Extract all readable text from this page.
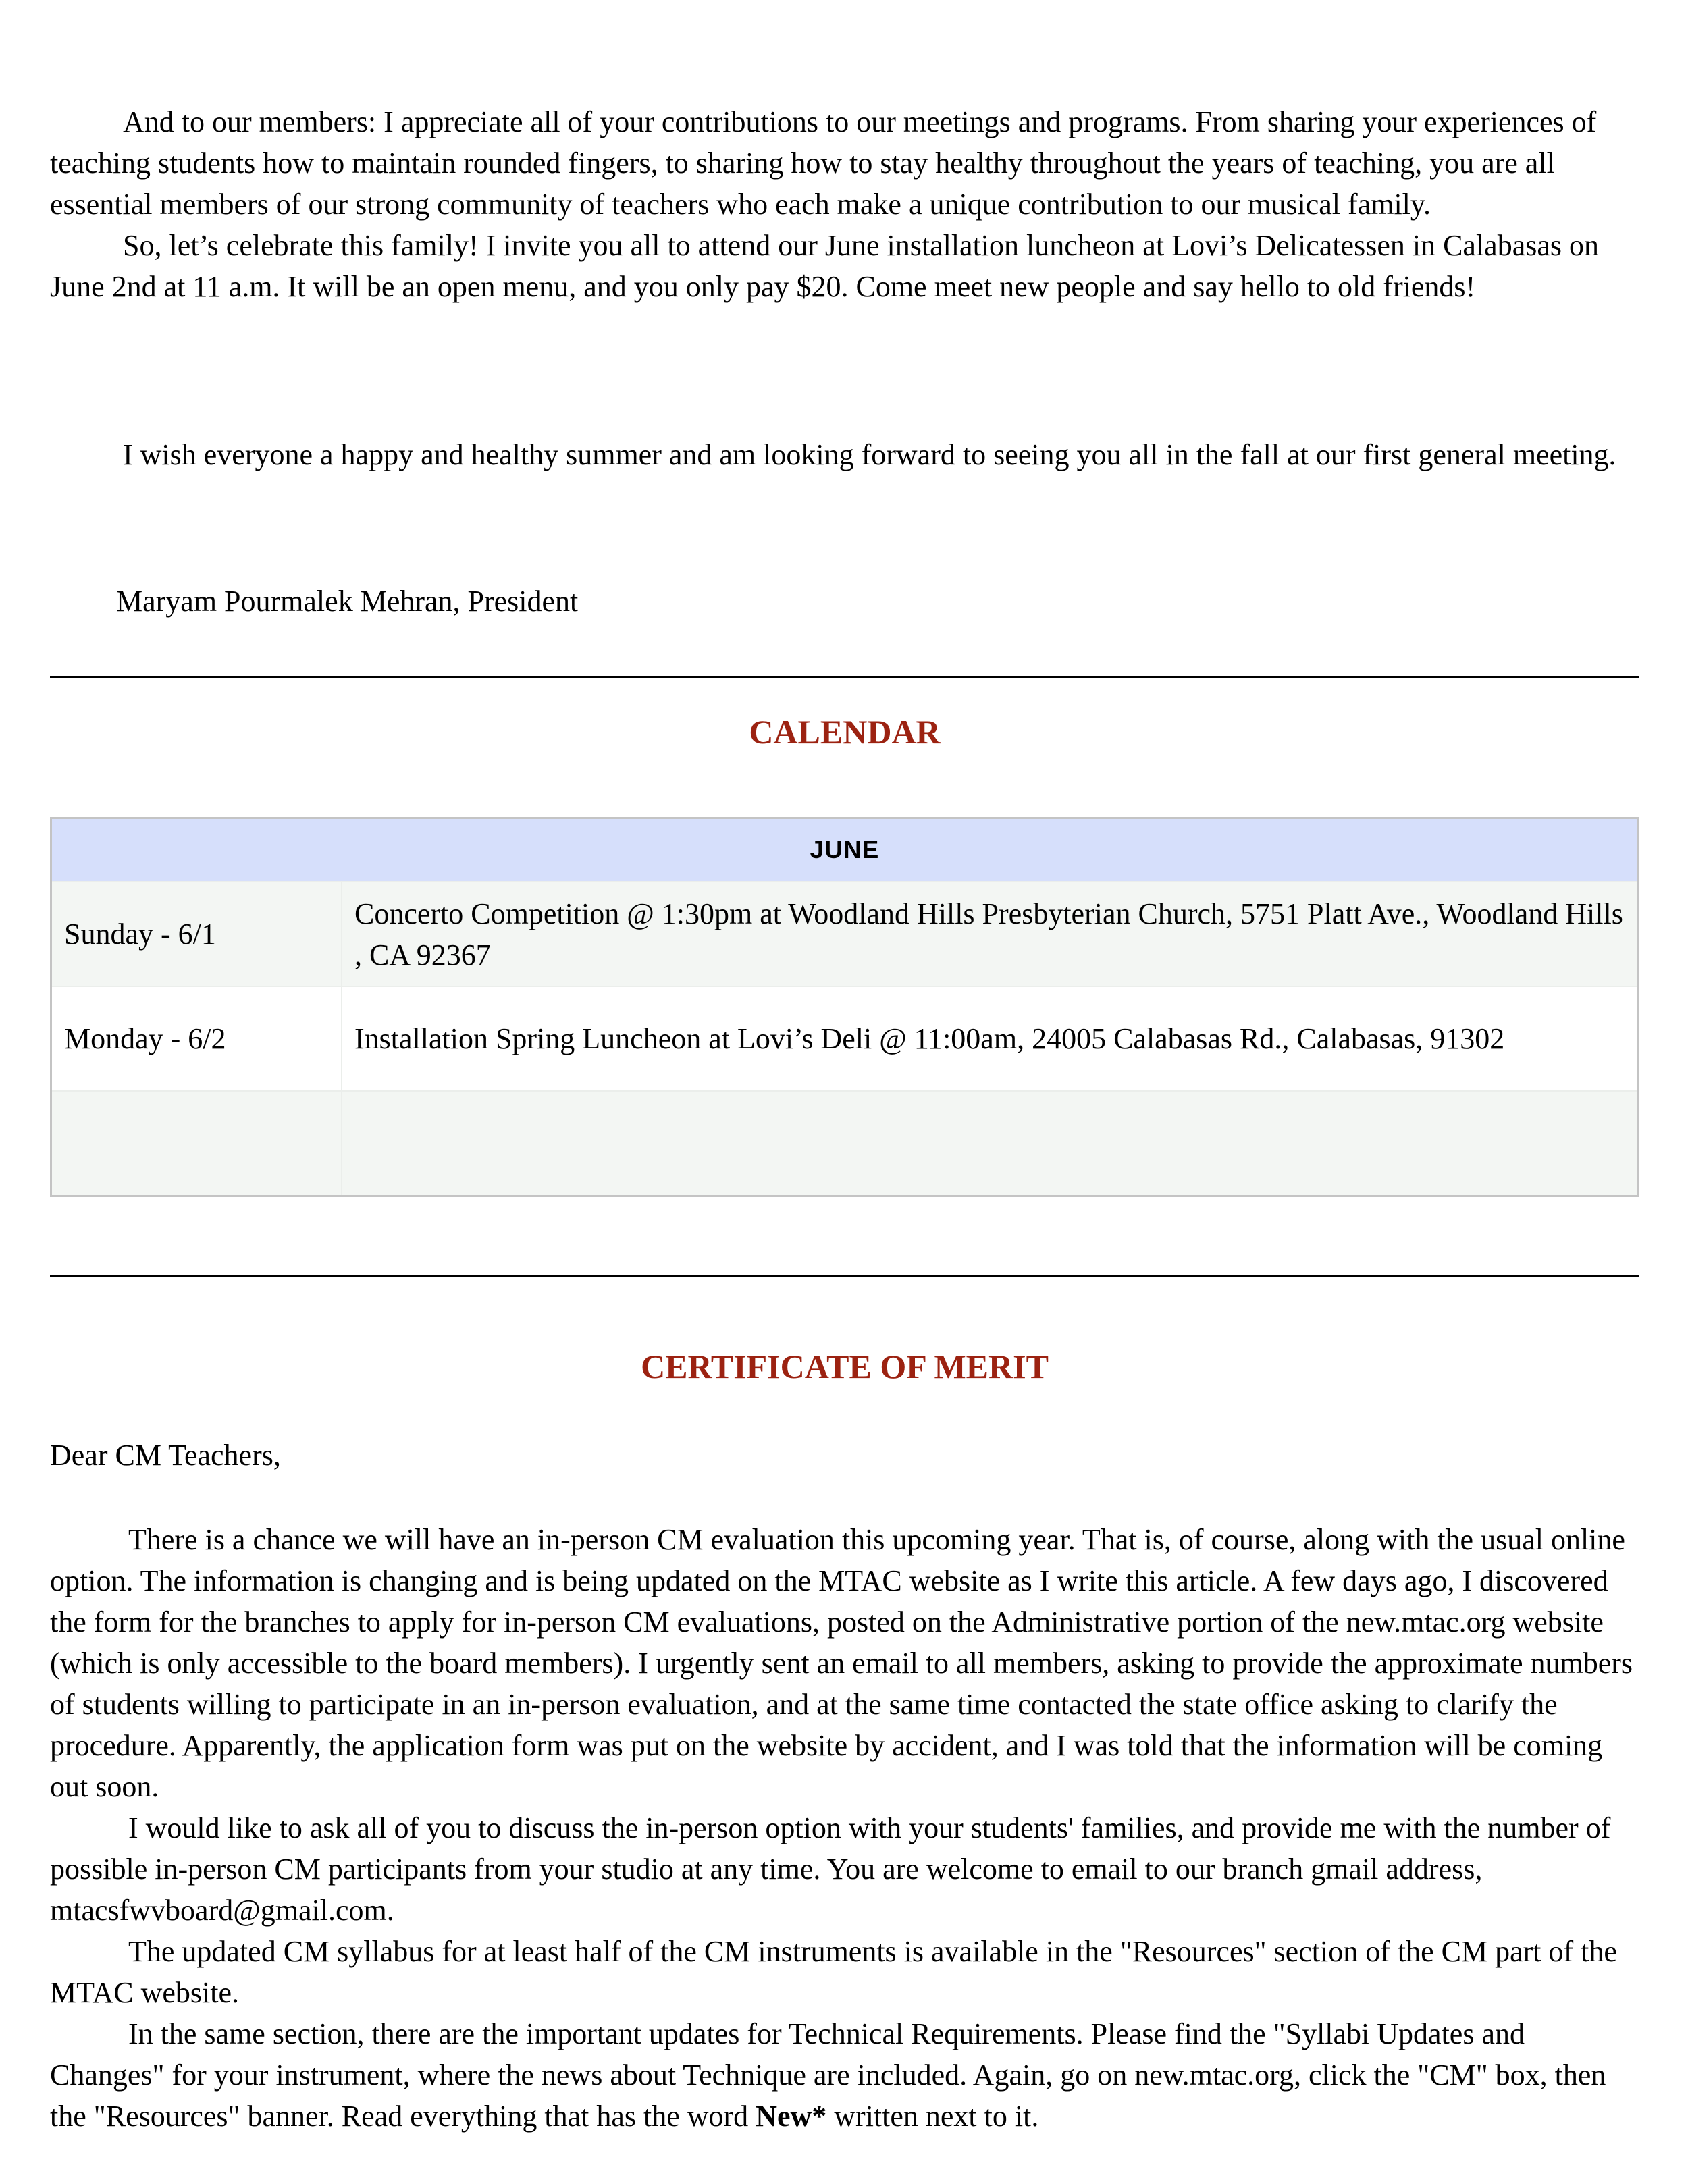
And to our members: I appreciate all of your contributions to our meetings and programs. From sharing your experiences of teaching students how to maintain rounded fingers, to sharing how to stay healthy throughout the years of teaching, you are all essential members of our strong community of teachers who each make a unique contribution to our musical family.

So, let’s celebrate this family! I invite you all to attend our June installation luncheon at Lovi’s Delicatessen in Calabasas on June 2nd at 11 a.m. It will be an open menu, and you only pay $20. Come meet new people and say hello to old friends!

I wish everyone a happy and healthy summer and am looking forward to seeing you all in the fall at our first general meeting.

Maryam Pourmalek Mehran, President

CALENDAR
JUNE
Sunday - 6/1
Concerto Competition @ 1:30pm at Woodland Hills Presbyterian Church, 5751 Platt Ave., Woodland Hills , CA 92367
Monday - 6/2	Installation Spring Luncheon at Lovi’s Deli @ 11:00am, 24005 Calabasas Rd., Calabasas, 91302
CERTIFICATE OF MERIT

Dear CM Teachers,

There is a chance we will have an in-person CM evaluation this upcoming year. That is, of course, along with the usual online option. The information is changing and is being updated on the MTAC website as I write this article. A few days ago, I discovered the form for the branches to apply for in-person CM evaluations, posted on the Administrative portion of the new.mtac.org website (which is only accessible to the board members). I urgently sent an email to all members, asking to provide the approximate numbers of students willing to participate in an in-person evaluation, and at the same time contacted the state office asking to clarify the procedure. Apparently, the application form was put on the website by accident, and I was told that the information will be coming out soon.

I would like to ask all of you to discuss the in-person option with your students' families, and provide me with the number of possible in-person CM participants from your studio at any time. You are welcome to email to our branch gmail address, mtacsfwvboard@gmail.com.

The updated CM syllabus for at least half of the CM instruments is available in the "Resources" section of the CM part of the MTAC website.

In the same section, there are the important updates for Technical Requirements. Please find the "Syllabi Updates and Changes" for your instrument, where the news about Technique are included. Again, go on new.mtac.org, click the "CM" box, then the "Resources" banner. Read everything that has the word New* written next to it.
